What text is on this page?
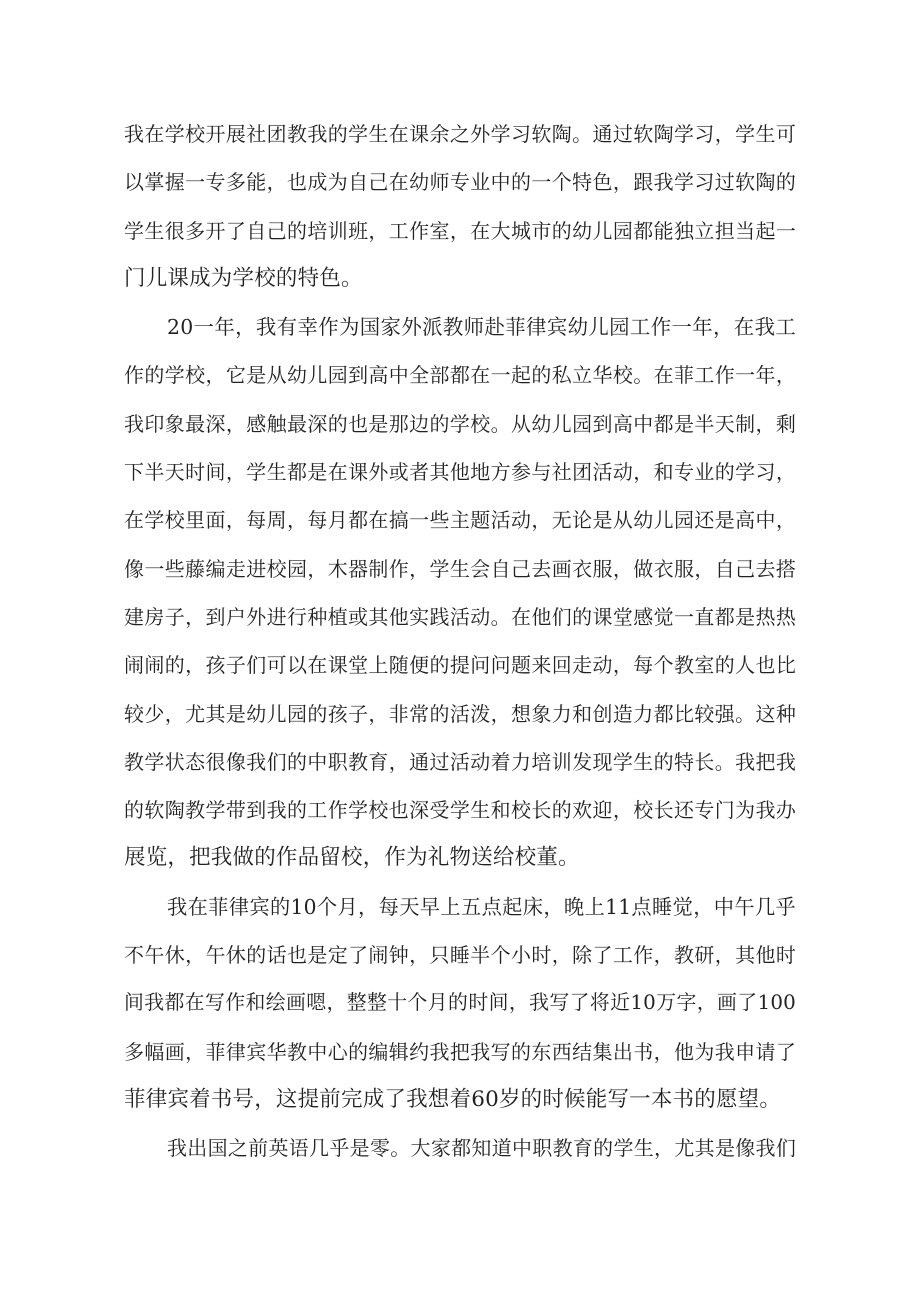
我在学校开展社团教我的学生在课余之外学习软陶。通过软陶学习，学生可
以掌握一专多能，也成为自己在幼师专业中的一个特色，跟我学习过软陶的
学生很多开了自己的培训班，工作室，在大城市的幼儿园都能独立担当起一
门儿课成为学校的特色。

20一年，我有幸作为国家外派教师赴菲律宾幼儿园工作一年，在我工
作的学校，它是从幼儿园到高中全部都在一起的私立华校。在菲工作一年，
我印象最深，感触最深的也是那边的学校。从幼儿园到高中都是半天制，剩
下半天时间，学生都是在课外或者其他地方参与社团活动，和专业的学习，
在学校里面，每周，每月都在搞一些主题活动，无论是从幼儿园还是高中，
像一些藤编走进校园，木器制作，学生会自己去画衣服，做衣服，自己去搭
建房子，到户外进行种植或其他实践活动。在他们的课堂感觉一直都是热热
闹闹的，孩子们可以在课堂上随便的提问问题来回走动，每个教室的人也比
较少，尤其是幼儿园的孩子，非常的活泼，想象力和创造力都比较强。这种
教学状态很像我们的中职教育，通过活动着力培训发现学生的特长。我把我
的软陶教学带到我的工作学校也深受学生和校长的欢迎，校长还专门为我办
展览，把我做的作品留校，作为礼物送给校董。

我在菲律宾的10个月，每天早上五点起床，晚上11点睡觉，中午几乎
不午休，午休的话也是定了闹钟，只睡半个小时，除了工作，教研，其他时
间我都在写作和绘画嗯，整整十个月的时间，我写了将近10万字，画了100
多幅画，菲律宾华教中心的编辑约我把我写的东西结集出书，他为我申请了
菲律宾着书号，这提前完成了我想着60岁的时候能写一本书的愿望。

我出国之前英语几乎是零。大家都知道中职教育的学生，尤其是像我们
